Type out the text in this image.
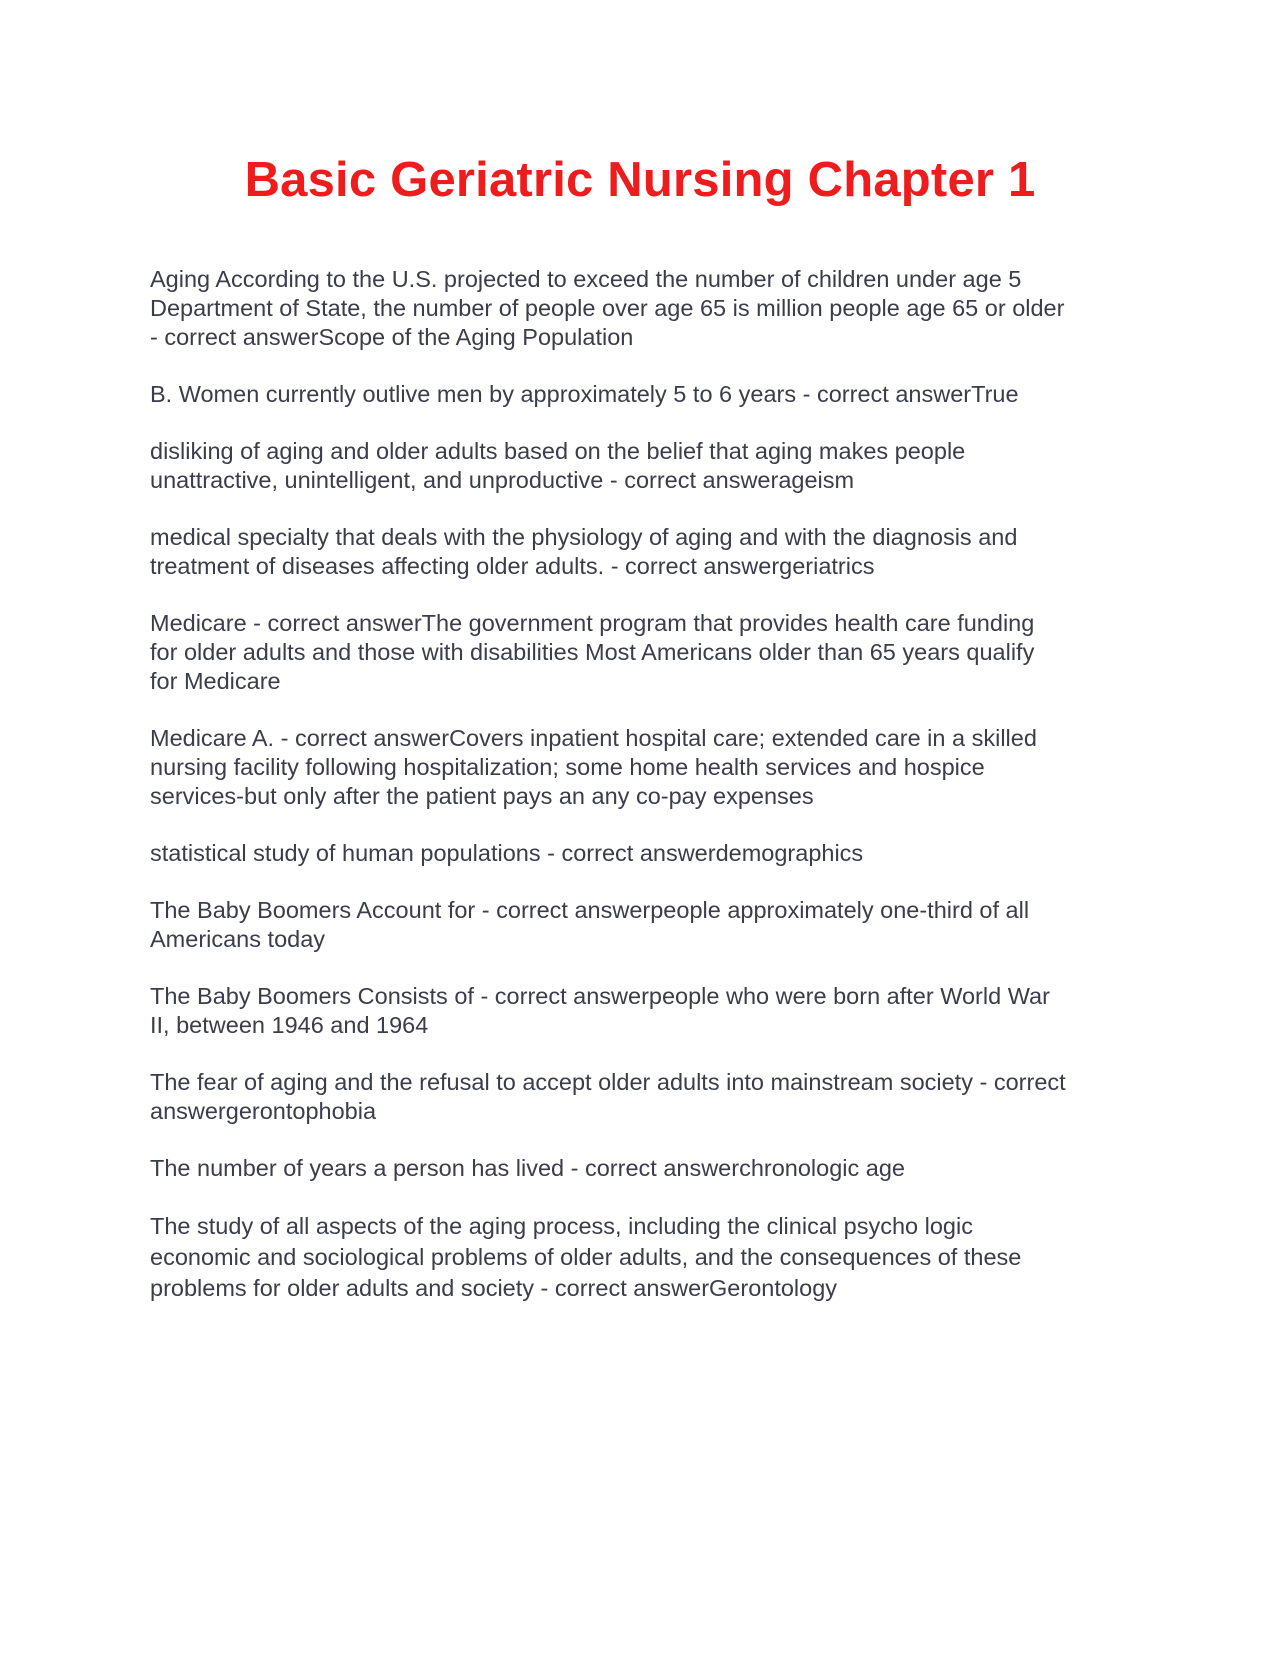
Basic Geriatric Nursing Chapter 1

Aging According to the U.S. projected to exceed the number of children under age 5
Department of State, the number of people over age 65 is million people age 65 or older
- correct answerScope of the Aging Population

B. Women currently outlive men by approximately 5 to 6 years - correct answerTrue

disliking of aging and older adults based on the belief that aging makes people
unattractive, unintelligent, and unproductive - correct answerageism

medical specialty that deals with the physiology of aging and with the diagnosis and
treatment of diseases affecting older adults. - correct answergeriatrics

Medicare - correct answerThe government program that provides health care funding
for older adults and those with disabilities Most Americans older than 65 years qualify
for Medicare

Medicare A. - correct answerCovers inpatient hospital care; extended care in a skilled
nursing facility following hospitalization; some home health services and hospice
services-but only after the patient pays an any co-pay expenses

statistical study of human populations - correct answerdemographics

The Baby Boomers Account for - correct answerpeople approximately one-third of all
Americans today

The Baby Boomers Consists of - correct answerpeople who were born after World War
II, between 1946 and 1964

The fear of aging and the refusal to accept older adults into mainstream society - correct
answergerontophobia

The number of years a person has lived - correct answerchronologic age

The study of all aspects of the aging process, including the clinical psycho logic
economic and sociological problems of older adults, and the consequences of these
problems for older adults and society - correct answerGerontology
